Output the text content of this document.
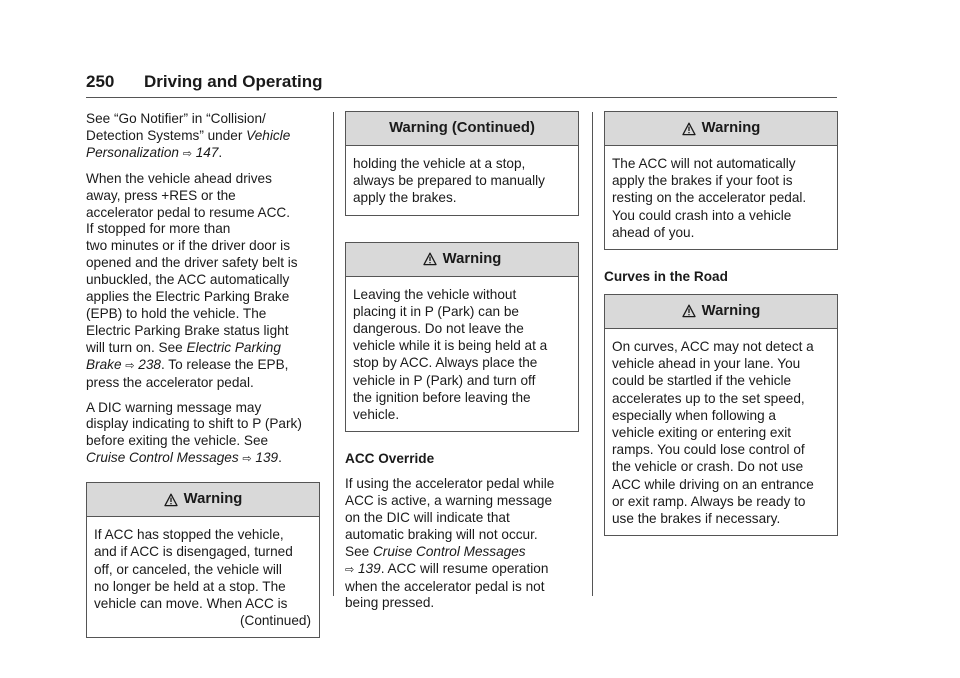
250 Driving and Operating
See “Go Notifier” in “Collision/
Detection Systems” under Vehicle
Personalization ⇨ 147.
When the vehicle ahead drives
away, press +RES or the
accelerator pedal to resume ACC.
If stopped for more than
two minutes or if the driver door is
opened and the driver safety belt is
unbuckled, the ACC automatically
applies the Electric Parking Brake
(EPB) to hold the vehicle. The
Electric Parking Brake status light
will turn on. See Electric Parking
Brake ⇨ 238. To release the EPB,
press the accelerator pedal.
A DIC warning message may
display indicating to shift to P (Park)
before exiting the vehicle. See
Cruise Control Messages ⇨ 139.
Warning
If ACC has stopped the vehicle,
and if ACC is disengaged, turned
off, or canceled, the vehicle will
no longer be held at a stop. The
vehicle can move. When ACC is
(Continued)
Warning (Continued)
holding the vehicle at a stop,
always be prepared to manually
apply the brakes.
Warning
Leaving the vehicle without
placing it in P (Park) can be
dangerous. Do not leave the
vehicle while it is being held at a
stop by ACC. Always place the
vehicle in P (Park) and turn off
the ignition before leaving the
vehicle.
ACC Override
If using the accelerator pedal while
ACC is active, a warning message
on the DIC will indicate that
automatic braking will not occur.
See Cruise Control Messages
⇨ 139. ACC will resume operation
when the accelerator pedal is not
being pressed.
Warning
The ACC will not automatically
apply the brakes if your foot is
resting on the accelerator pedal.
You could crash into a vehicle
ahead of you.
Curves in the Road
Warning
On curves, ACC may not detect a
vehicle ahead in your lane. You
could be startled if the vehicle
accelerates up to the set speed,
especially when following a
vehicle exiting or entering exit
ramps. You could lose control of
the vehicle or crash. Do not use
ACC while driving on an entrance
or exit ramp. Always be ready to
use the brakes if necessary.
